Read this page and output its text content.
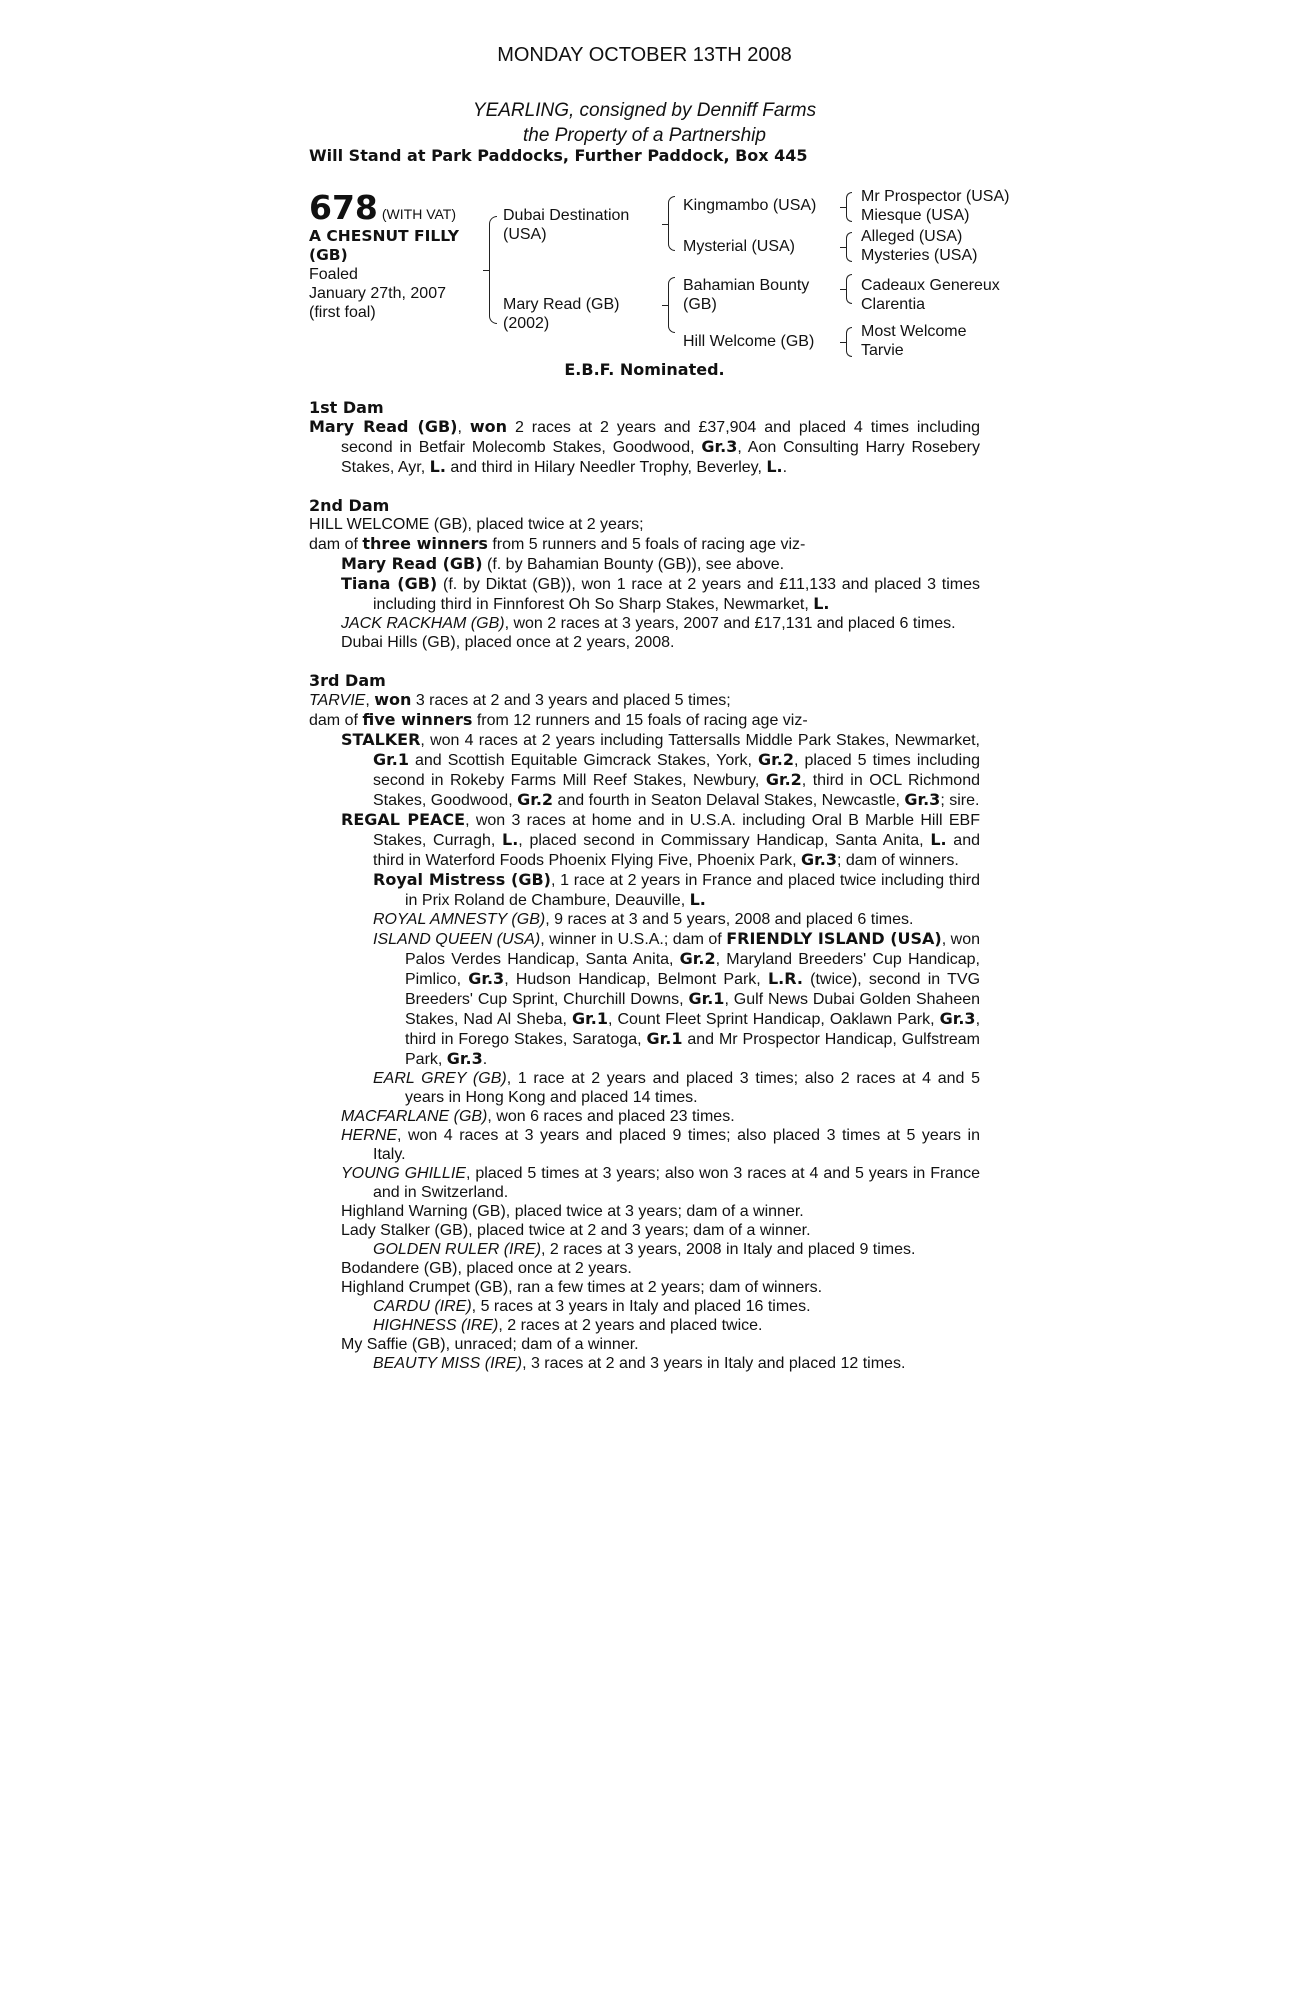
MONDAY OCTOBER 13TH 2008
YEARLING, consigned by Denniff Farms
the Property of a Partnership
Will Stand at Park Paddocks, Further Paddock, Box 445
678 (WITH VAT)
A CHESNUT FILLY
(GB)
Foaled
January 27th, 2007
(first foal)
Dubai Destination
(USA)
Mary Read (GB)
(2002)
Kingmambo (USA)
Mysterial (USA)
Bahamian Bounty
(GB)
Hill Welcome (GB)
Mr Prospector (USA)
Miesque (USA)
Alleged (USA)
Mysteries (USA)
Cadeaux Genereux
Clarentia
Most Welcome
Tarvie
E.B.F. Nominated.
1st Dam
Mary Read (GB), won 2 races at 2 years and £37,904 and placed 4 times including second in Betfair Molecomb Stakes, Goodwood, Gr.3, Aon Consulting Harry Rosebery Stakes, Ayr, L. and third in Hilary Needler Trophy, Beverley, L..
2nd Dam
HILL WELCOME (GB), placed twice at 2 years;
dam of three winners from 5 runners and 5 foals of racing age viz-
Mary Read (GB) (f. by Bahamian Bounty (GB)), see above.
Tiana (GB) (f. by Diktat (GB)), won 1 race at 2 years and £11,133 and placed 3 times including third in Finnforest Oh So Sharp Stakes, Newmarket, L.
JACK RACKHAM (GB), won 2 races at 3 years, 2007 and £17,131 and placed 6 times.
Dubai Hills (GB), placed once at 2 years, 2008.
3rd Dam
TARVIE, won 3 races at 2 and 3 years and placed 5 times;
dam of five winners from 12 runners and 15 foals of racing age viz-
STALKER, won 4 races at 2 years including Tattersalls Middle Park Stakes, Newmarket, Gr.1 and Scottish Equitable Gimcrack Stakes, York, Gr.2, placed 5 times including second in Rokeby Farms Mill Reef Stakes, Newbury, Gr.2, third in OCL Richmond Stakes, Goodwood, Gr.2 and fourth in Seaton Delaval Stakes, Newcastle, Gr.3; sire.
REGAL PEACE, won 3 races at home and in U.S.A. including Oral B Marble Hill EBF Stakes, Curragh, L., placed second in Commissary Handicap, Santa Anita, L. and third in Waterford Foods Phoenix Flying Five, Phoenix Park, Gr.3; dam of winners.
Royal Mistress (GB), 1 race at 2 years in France and placed twice including third in Prix Roland de Chambure, Deauville, L.
ROYAL AMNESTY (GB), 9 races at 3 and 5 years, 2008 and placed 6 times.
ISLAND QUEEN (USA), winner in U.S.A.; dam of FRIENDLY ISLAND (USA), won Palos Verdes Handicap, Santa Anita, Gr.2, Maryland Breeders' Cup Handicap, Pimlico, Gr.3, Hudson Handicap, Belmont Park, L.R. (twice), second in TVG Breeders' Cup Sprint, Churchill Downs, Gr.1, Gulf News Dubai Golden Shaheen Stakes, Nad Al Sheba, Gr.1, Count Fleet Sprint Handicap, Oaklawn Park, Gr.3, third in Forego Stakes, Saratoga, Gr.1 and Mr Prospector Handicap, Gulfstream Park, Gr.3.
EARL GREY (GB), 1 race at 2 years and placed 3 times; also 2 races at 4 and 5 years in Hong Kong and placed 14 times.
MACFARLANE (GB), won 6 races and placed 23 times.
HERNE, won 4 races at 3 years and placed 9 times; also placed 3 times at 5 years in Italy.
YOUNG GHILLIE, placed 5 times at 3 years; also won 3 races at 4 and 5 years in France and in Switzerland.
Highland Warning (GB), placed twice at 3 years; dam of a winner.
Lady Stalker (GB), placed twice at 2 and 3 years; dam of a winner.
GOLDEN RULER (IRE), 2 races at 3 years, 2008 in Italy and placed 9 times.
Bodandere (GB), placed once at 2 years.
Highland Crumpet (GB), ran a few times at 2 years; dam of winners.
CARDU (IRE), 5 races at 3 years in Italy and placed 16 times.
HIGHNESS (IRE), 2 races at 2 years and placed twice.
My Saffie (GB), unraced; dam of a winner.
BEAUTY MISS (IRE), 3 races at 2 and 3 years in Italy and placed 12 times.
